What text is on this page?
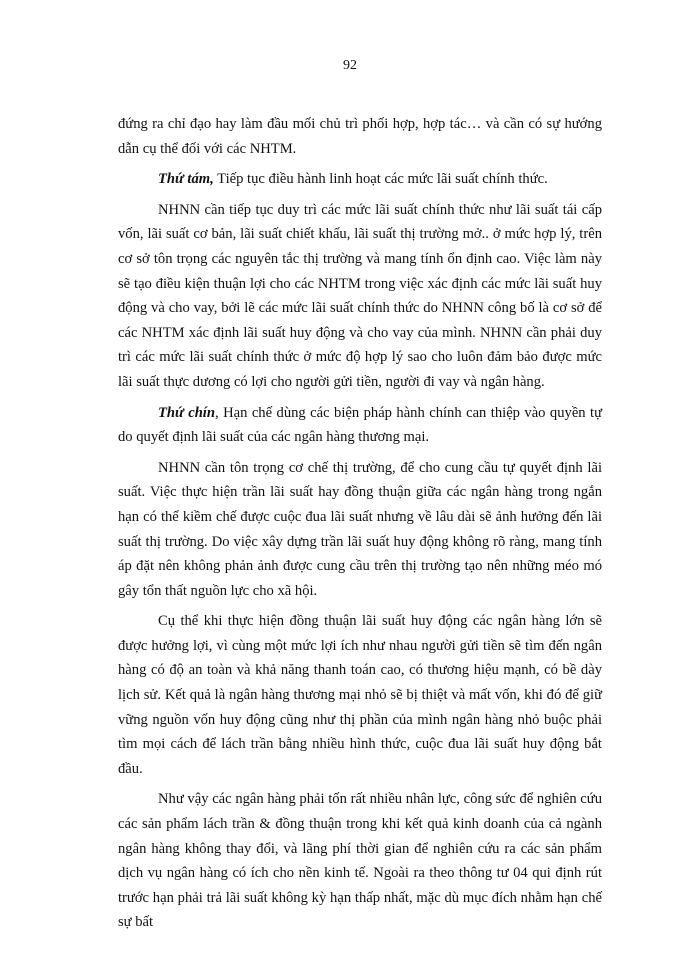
92

đứng ra chỉ đạo hay làm đầu mối chủ trì phối hợp, hợp tác… và cần có sự hướng dẫn cụ thể đối với các NHTM.

Thứ tám, Tiếp tục điều hành linh hoạt các mức lãi suất chính thức.

NHNN cần tiếp tục duy trì các mức lãi suất chính thức như lãi suất tái cấp vốn, lãi suất cơ bản, lãi suất chiết khấu, lãi suất thị trường mở.. ở mức hợp lý, trên cơ sở tôn trọng các nguyên tắc thị trường và mang tính ổn định cao. Việc làm này sẽ tạo điều kiện thuận lợi cho các NHTM trong việc xác định các mức lãi suất huy động và cho vay, bởi lẽ các mức lãi suất chính thức do NHNN công bố là cơ sở để các NHTM xác định lãi suất huy động và cho vay của mình. NHNN cần phải duy trì các mức lãi suất chính thức ở mức độ hợp lý sao cho luôn đảm bảo được mức lãi suất thực dương có lợi cho người gửi tiền, người đi vay và ngân hàng.

Thứ chín, Hạn chế dùng các biện pháp hành chính can thiệp vào quyền tự do quyết định lãi suất của các ngân hàng thương mại.

NHNN cần tôn trọng cơ chế thị trường, để cho cung cầu tự quyết định lãi suất. Việc thực hiện trần lãi suất hay đồng thuận giữa các ngân hàng trong ngắn hạn có thể kiềm chế được cuộc đua lãi suất nhưng về lâu dài sẽ ảnh hưởng đến lãi suất thị trường. Do việc xây dựng trần lãi suất huy động không rõ ràng, mang tính áp đặt nên không phản ảnh được cung cầu trên thị trường tạo nên những méo mó gây tổn thất nguồn lực cho xã hội.

Cụ thể khi thực hiện đồng thuận lãi suất huy động các ngân hàng lớn sẽ được hưởng lợi, vì cùng một mức lợi ích như nhau người gửi tiền sẽ tìm đến ngân hàng có độ an toàn và khả năng thanh toán cao, có thương hiệu mạnh, có bề dày lịch sử. Kết quả là ngân hàng thương mại nhỏ sẽ bị thiệt và mất vốn, khi đó để giữ vững nguồn vốn huy động cũng như thị phần của mình ngân hàng nhỏ buộc phải tìm mọi cách để lách trần bằng nhiều hình thức, cuộc đua lãi suất huy động bắt đầu.

Như vậy các ngân hàng phải tốn rất nhiều nhân lực, công sức để nghiên cứu các sản phẩm lách trần & đồng thuận trong khi kết quả kinh doanh của cả ngành ngân hàng không thay đổi, và lãng phí thời gian để nghiên cứu ra các sản phẩm dịch vụ ngân hàng có ích cho nền kinh tế. Ngoài ra theo thông tư 04 qui định rút trước hạn phải trả lãi suất không kỳ hạn thấp nhất, mặc dù mục đích nhằm hạn chế sự bất
